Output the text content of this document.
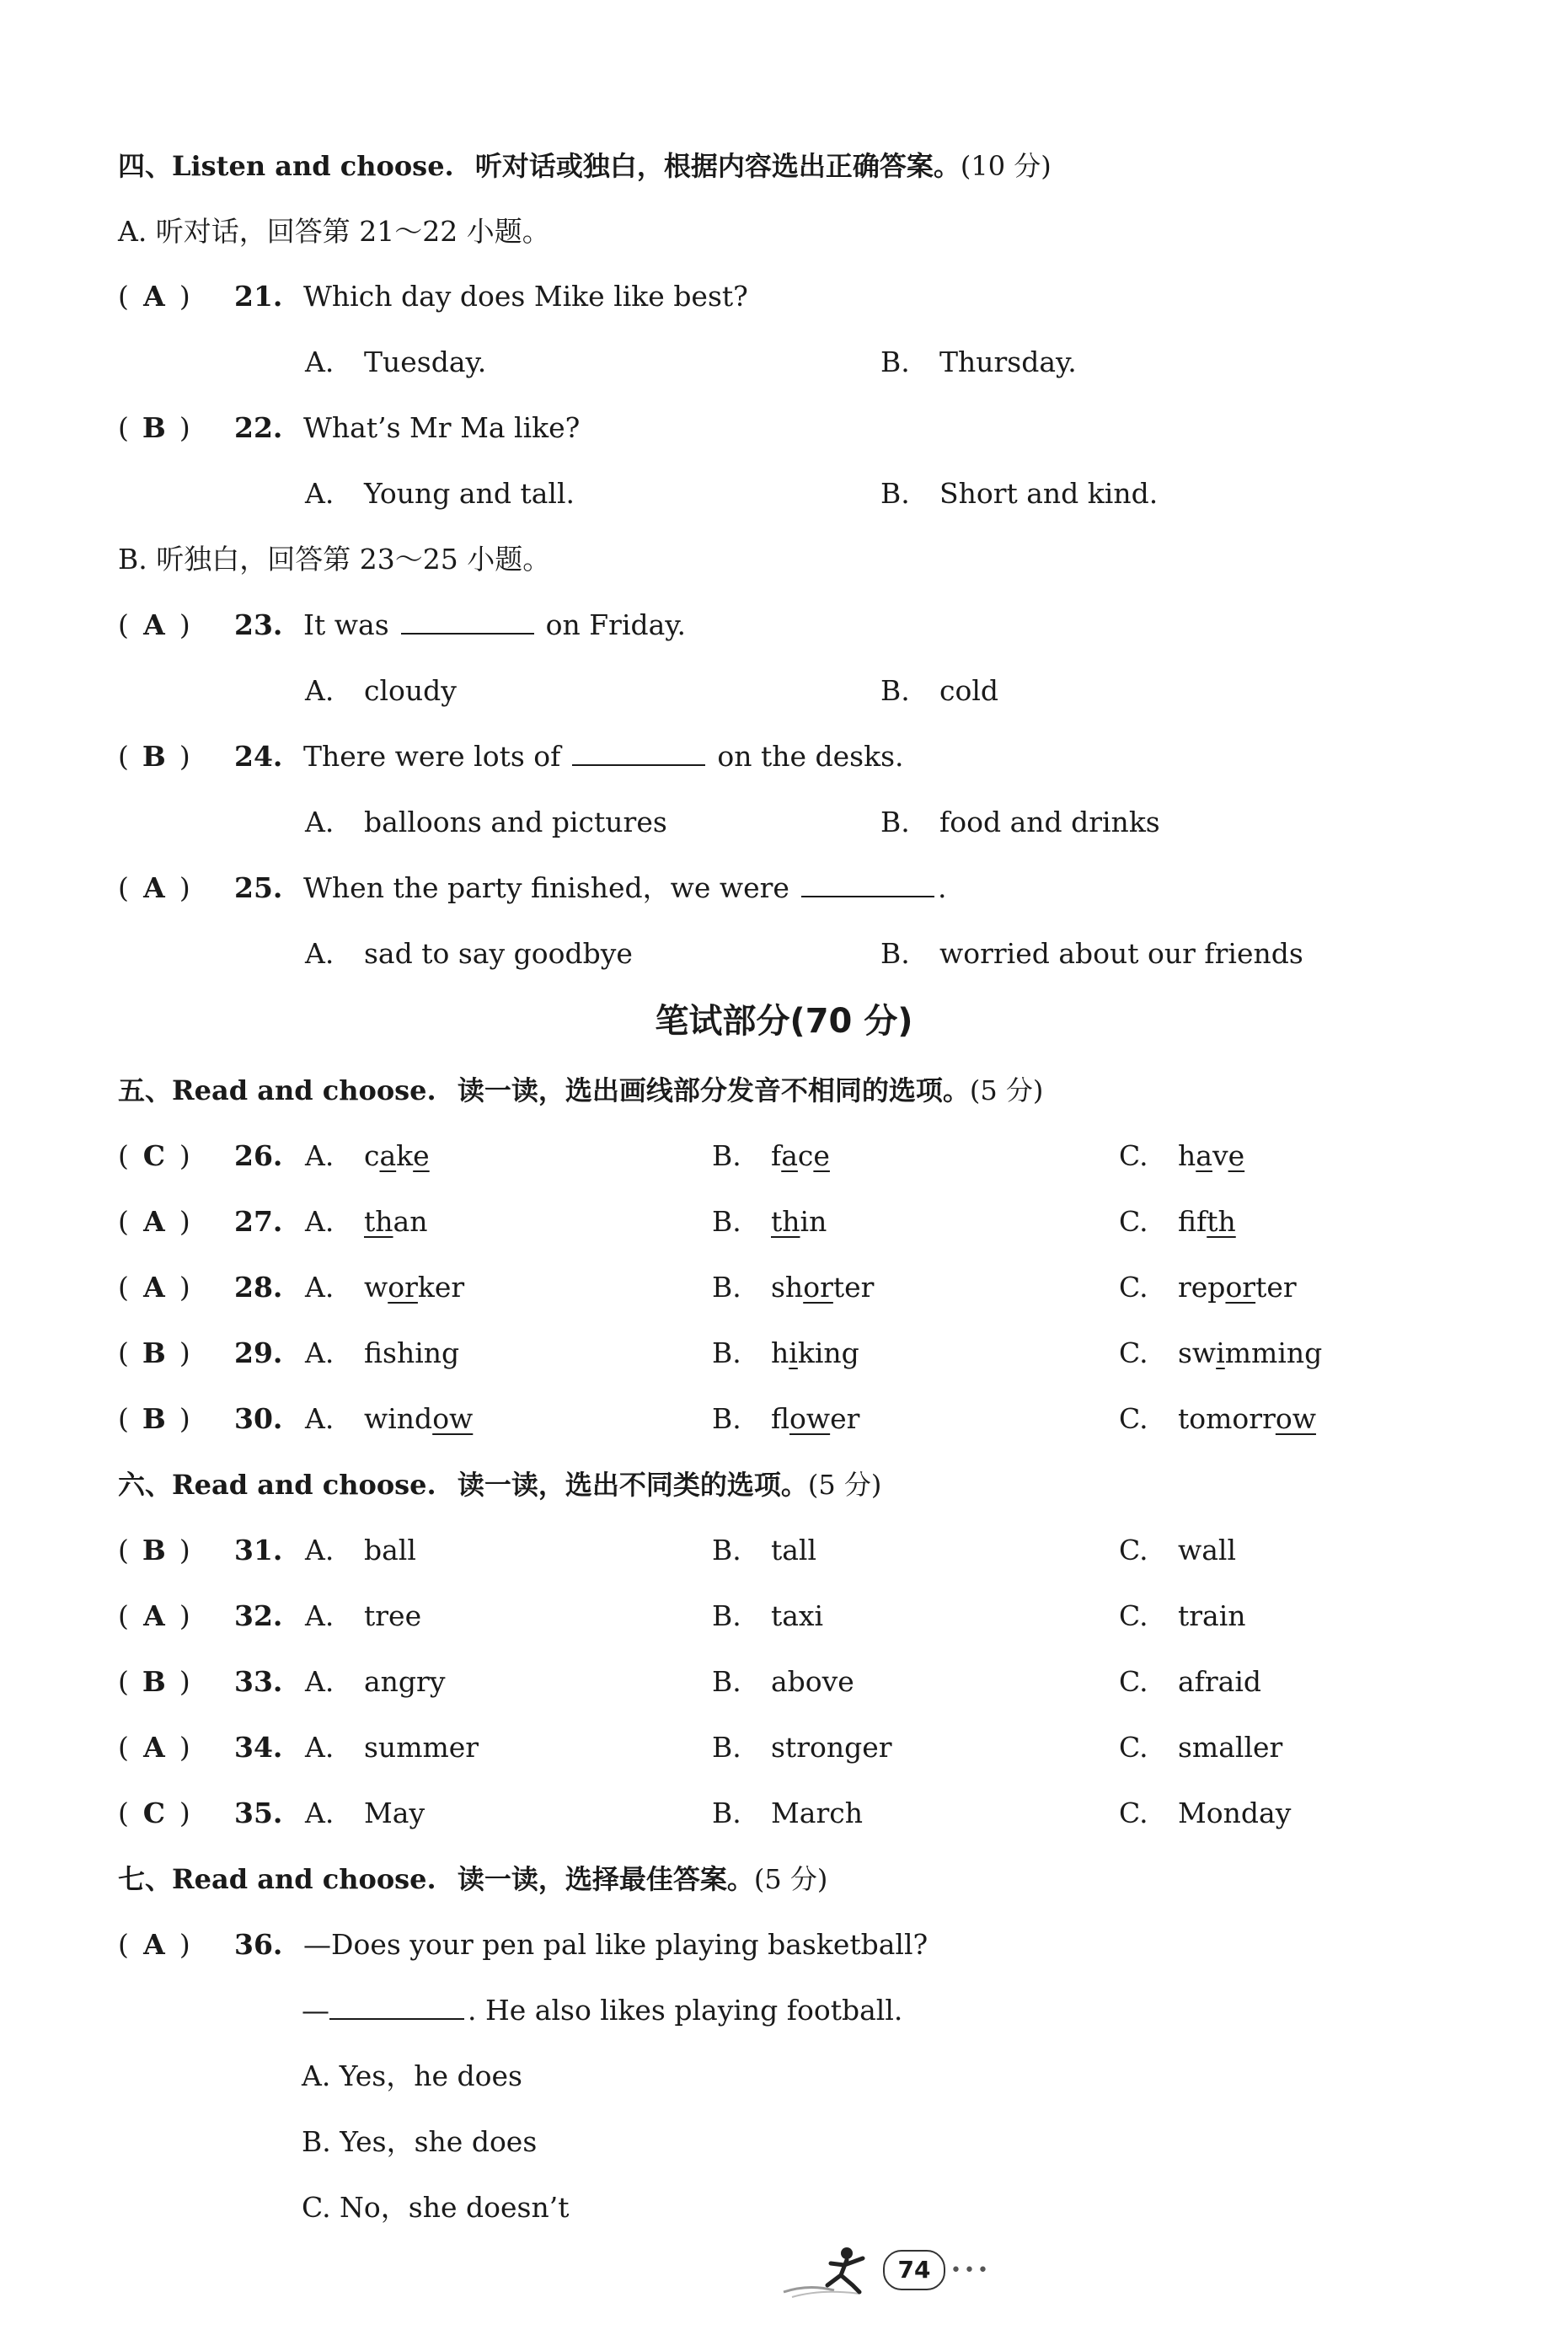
四、Listen and choose. 听对话或独白，根据内容选出正确答案。(10 分)
A. 听对话，回答第 21～22 小题。
( A ) 21. Which day does Mike like best?
A. Tuesday.	B. Thursday.
( B ) 22. What’s Mr Ma like?
A. Young and tall.	B. Short and kind.
B. 听独白，回答第 23～25 小题。
( A ) 23. It was	on Friday.
A. cloudy	B. cold
( B ) 24. There were lots of	on the desks.
A. balloons and pictures	B. food and drinks
( A ) 25. When the party finished，we were	.
A. sad to say goodbye	B. worried about our friends
笔试部分(70 分)
五、Read and choose. 读一读，选出画线部分发音不相同的选项。(5 分)
( C ) 26. A. cake	B. face	C. have
( A ) 27. A. than	B. thin	C. fifth
( A ) 28. A. worker	B. shorter	C. reporter
( B ) 29. A. fshing	B. hiking	C. swimming
( B ) 30. A. window	B. flower	C. tomorrow
六、Read and choose. 读一读，选出不同类的选项。(5 分)
( B ) 31. A. ball	B. tall	C. wall
( A ) 32. A. tree	B. taxi	C. train
( B ) 33. A. angry	B. above	C. afraid
( A ) 34. A. summer	B. stronger	C. smaller
( C ) 35. A. May	B. March	C. Monday
七、Read and choose. 读一读，选择最佳答案。(5 分)
( A ) 36. —Does your pen pal like playing basketball?
—	. He also likes playing football.
A. Yes，he does
B. Yes，she does
C. No，she doesn’t
74	•••
